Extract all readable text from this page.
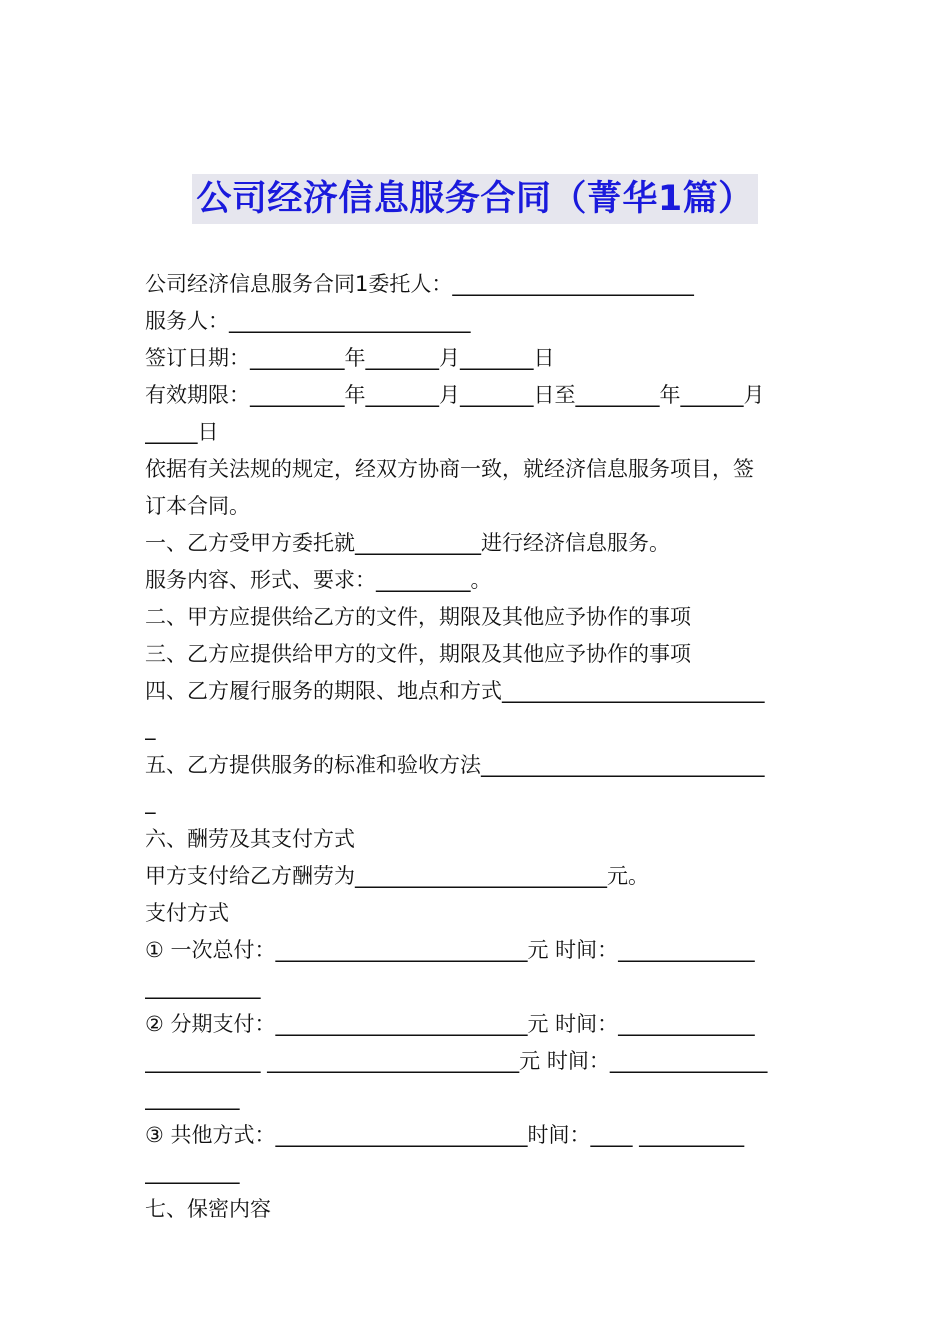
公司经济信息服务合同（菁华1篇）
公司经济信息服务合同1委托人：_______________________
服务人：_______________________
签订日期：_________年_______月_______日
有效期限：_________年_______月_______日至________年______月
_____日
依据有关法规的规定，经双方协商一致，就经济信息服务项目，签
订本合同。
一、乙方受甲方委托就____________进行经济信息服务。
服务内容、形式、要求：_________。
二、甲方应提供给乙方的文件，期限及其他应予协作的事项
三、乙方应提供给甲方的文件，期限及其他应予协作的事项
四、乙方履行服务的期限、地点和方式_________________________
_
五、乙方提供服务的标准和验收方法___________________________
_
六、酬劳及其支付方式
甲方支付给乙方酬劳为________________________元。
支付方式
① 一次总付：________________________元 时间：_____________
___________
② 分期支付：________________________元 时间：_____________
___________ ________________________元 时间：_______________
_________
③ 共他方式：________________________时间：____ __________
_________
七、保密内容
